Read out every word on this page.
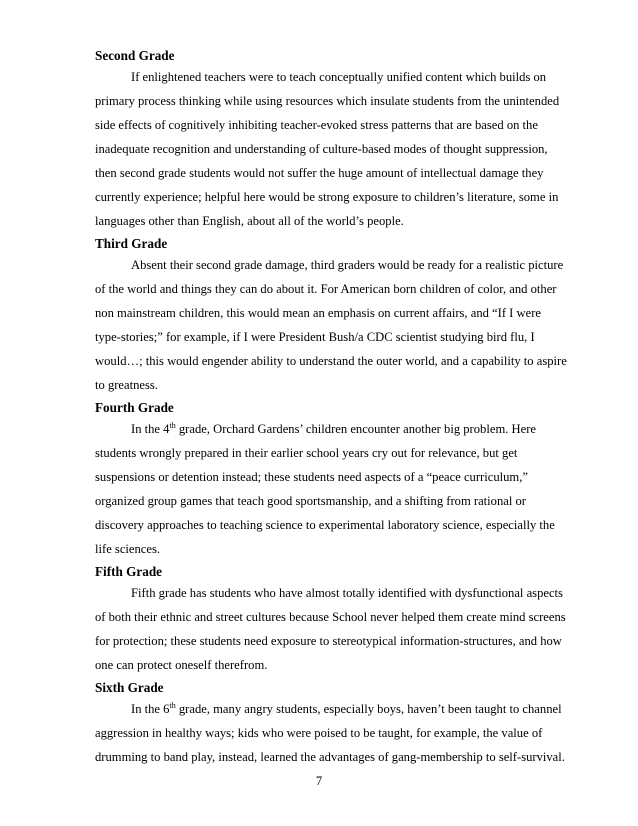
Second Grade

If enlightened teachers were to teach conceptually unified content which builds on
primary process thinking while using resources which insulate students from the unintended
side effects of cognitively inhibiting teacher-evoked stress patterns that are based on the
inadequate recognition and understanding of culture-based modes of thought suppression,
then second grade students would not suffer the huge amount of intellectual damage they
currently experience; helpful here would be strong exposure to children’s literature, some in
languages other than English, about all of the world’s people.

Third Grade

Absent their second grade damage, third graders would be ready for a realistic picture
of the world and things they can do about it. For American born children of color, and other
non mainstream children, this would mean an emphasis on current affairs, and “If I were
type-stories;” for example, if I were President Bush/a CDC scientist studying bird flu, I
would…; this would engender ability to understand the outer world, and a capability to aspire
to greatness.

Fourth Grade

In the 4th grade, Orchard Gardens’ children encounter another big problem. Here
students wrongly prepared in their earlier school years cry out for relevance, but get
suspensions or detention instead; these students need aspects of a “peace curriculum,”
organized group games that teach good sportsmanship, and a shifting from rational or
discovery approaches to teaching science to experimental laboratory science, especially the
life sciences.

Fifth Grade

Fifth grade has students who have almost totally identified with dysfunctional aspects
of both their ethnic and street cultures because School never helped them create mind screens
for protection; these students need exposure to stereotypical information-structures, and how
one can protect oneself therefrom.

Sixth Grade

In the 6th grade, many angry students, especially boys, haven’t been taught to channel
aggression in healthy ways; kids who were poised to be taught, for example, the value of
drumming to band play, instead, learned the advantages of gang-membership to self-survival.

7
